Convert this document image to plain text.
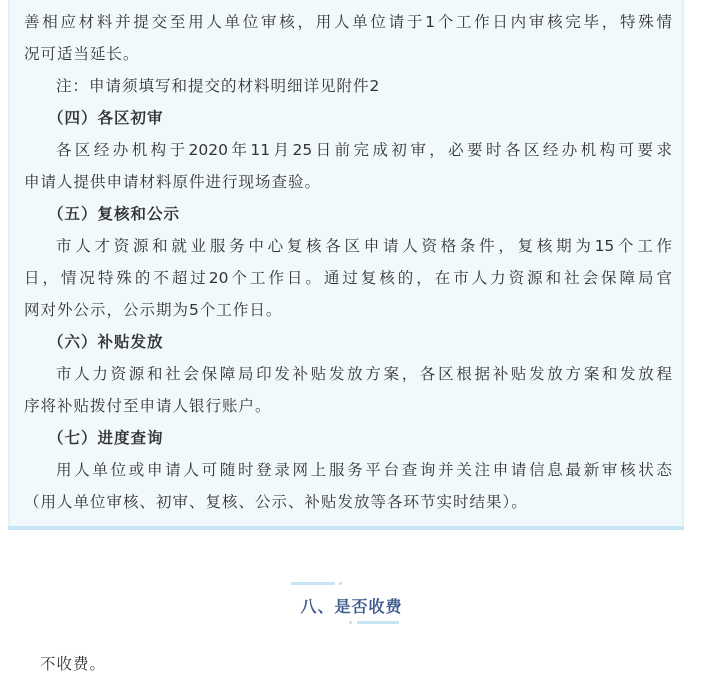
善相应材料并提交至用人单位审核，用人单位请于1个工作日内审核完毕，特殊情
况可适当延长。
注：申请须填写和提交的材料明细详见附件2
（四）各区初审
各区经办机构于2020年11月25日前完成初审，必要时各区经办机构可要求
申请人提供申请材料原件进行现场查验。
（五）复核和公示
市人才资源和就业服务中心复核各区申请人资格条件，复核期为15个工作
日，情况特殊的不超过20个工作日。通过复核的，在市人力资源和社会保障局官
网对外公示，公示期为5个工作日。
（六）补贴发放
市人力资源和社会保障局印发补贴发放方案，各区根据补贴发放方案和发放程
序将补贴拨付至申请人银行账户。
（七）进度查询
用人单位或申请人可随时登录网上服务平台查询并关注申请信息最新审核状态
（用人单位审核、初审、复核、公示、补贴发放等各环节实时结果）。
八、是否收费
不收费。
